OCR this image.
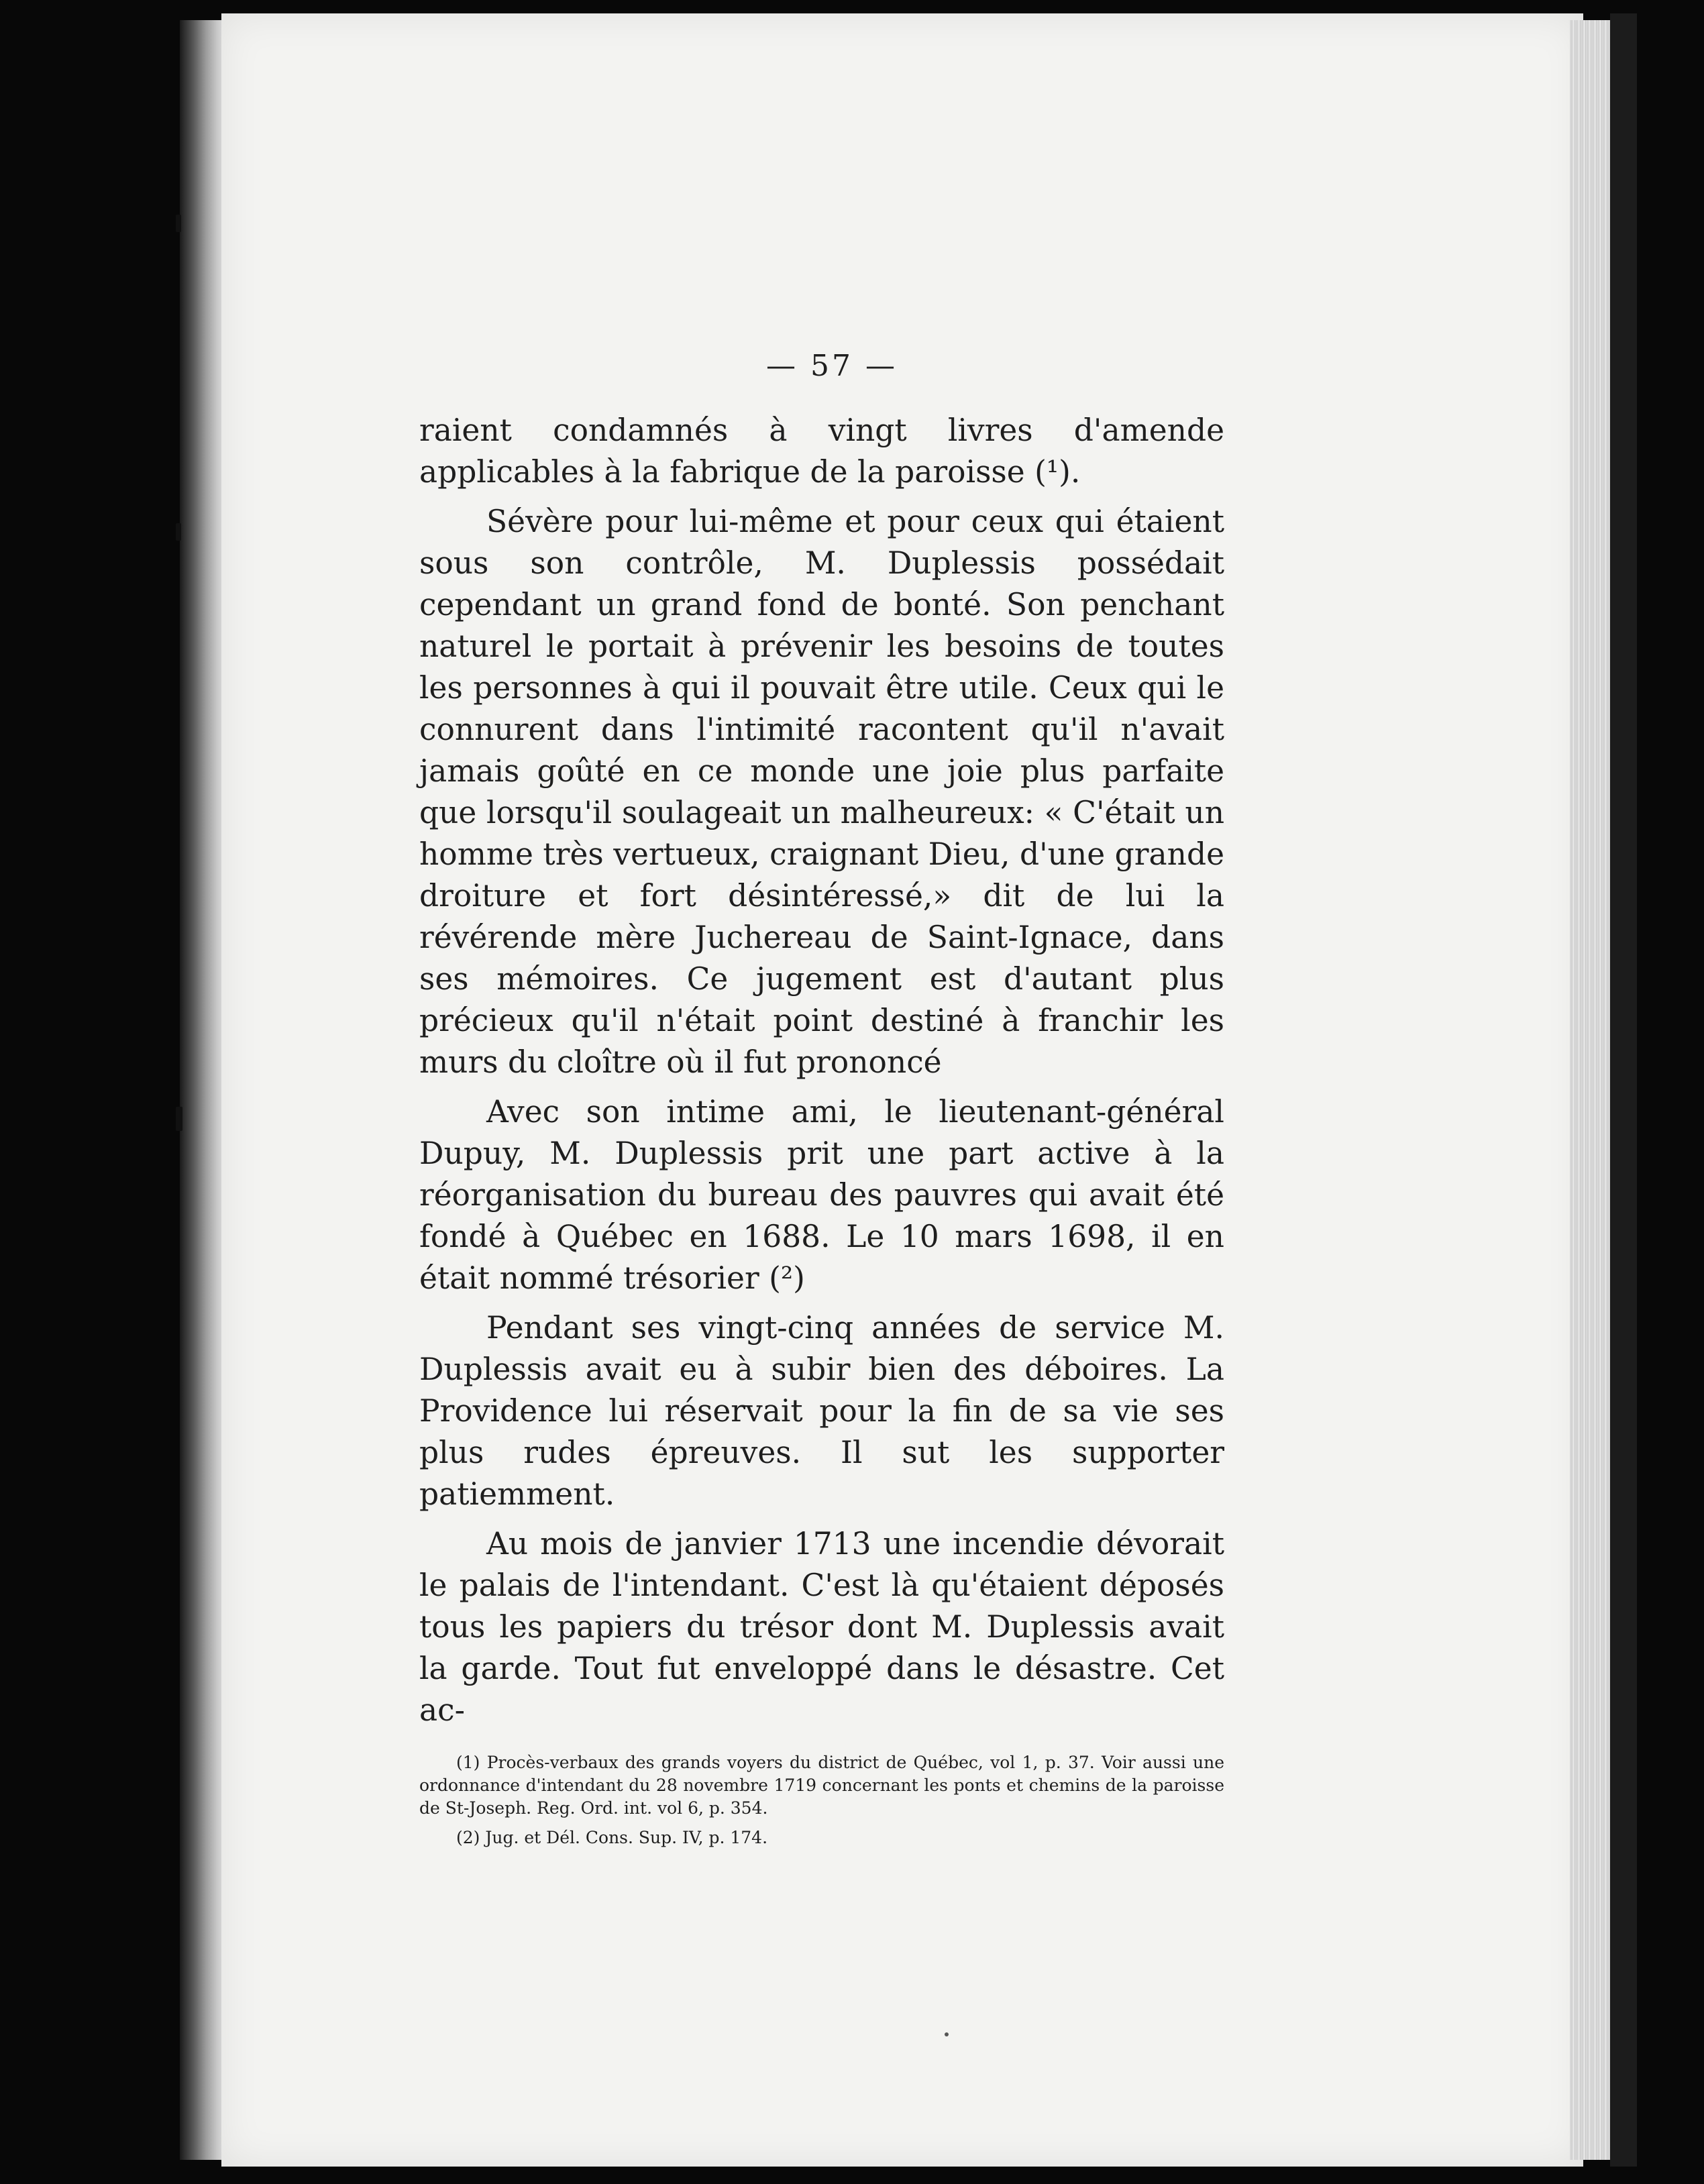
— 57 —

raient condamnés à vingt livres d'amende applicables à la fabrique de la paroisse (¹).

Sévère pour lui-même et pour ceux qui étaient sous son contrôle, M. Duplessis possédait cependant un grand fond de bonté. Son penchant naturel le portait à prévenir les besoins de toutes les personnes à qui il pouvait être utile. Ceux qui le connurent dans l'intimité racontent qu'il n'avait jamais goûté en ce monde une joie plus parfaite que lorsqu'il soulageait un malheureux: « C'était un homme très vertueux, craignant Dieu, d'une grande droiture et fort désintéressé,» dit de lui la révérende mère Juchereau de Saint-Ignace, dans ses mémoires. Ce jugement est d'autant plus précieux qu'il n'était point destiné à franchir les murs du cloître où il fut prononcé

Avec son intime ami, le lieutenant-général Dupuy, M. Duplessis prit une part active à la réorganisation du bureau des pauvres qui avait été fondé à Québec en 1688. Le 10 mars 1698, il en était nommé trésorier (²)

Pendant ses vingt-cinq années de service M. Duplessis avait eu à subir bien des déboires. La Providence lui réservait pour la fin de sa vie ses plus rudes épreuves. Il sut les supporter patiemment.

Au mois de janvier 1713 une incendie dévorait le palais de l'intendant. C'est là qu'étaient déposés tous les papiers du trésor dont M. Duplessis avait la garde. Tout fut enveloppé dans le désastre. Cet ac-

(1) Procès-verbaux des grands voyers du district de Québec, vol 1, p. 37. Voir aussi une ordonnance d'intendant du 28 novembre 1719 concernant les ponts et chemins de la paroisse de St-Joseph. Reg. Ord. int. vol 6, p. 354.

(2) Jug. et Dél. Cons. Sup. IV, p. 174.
